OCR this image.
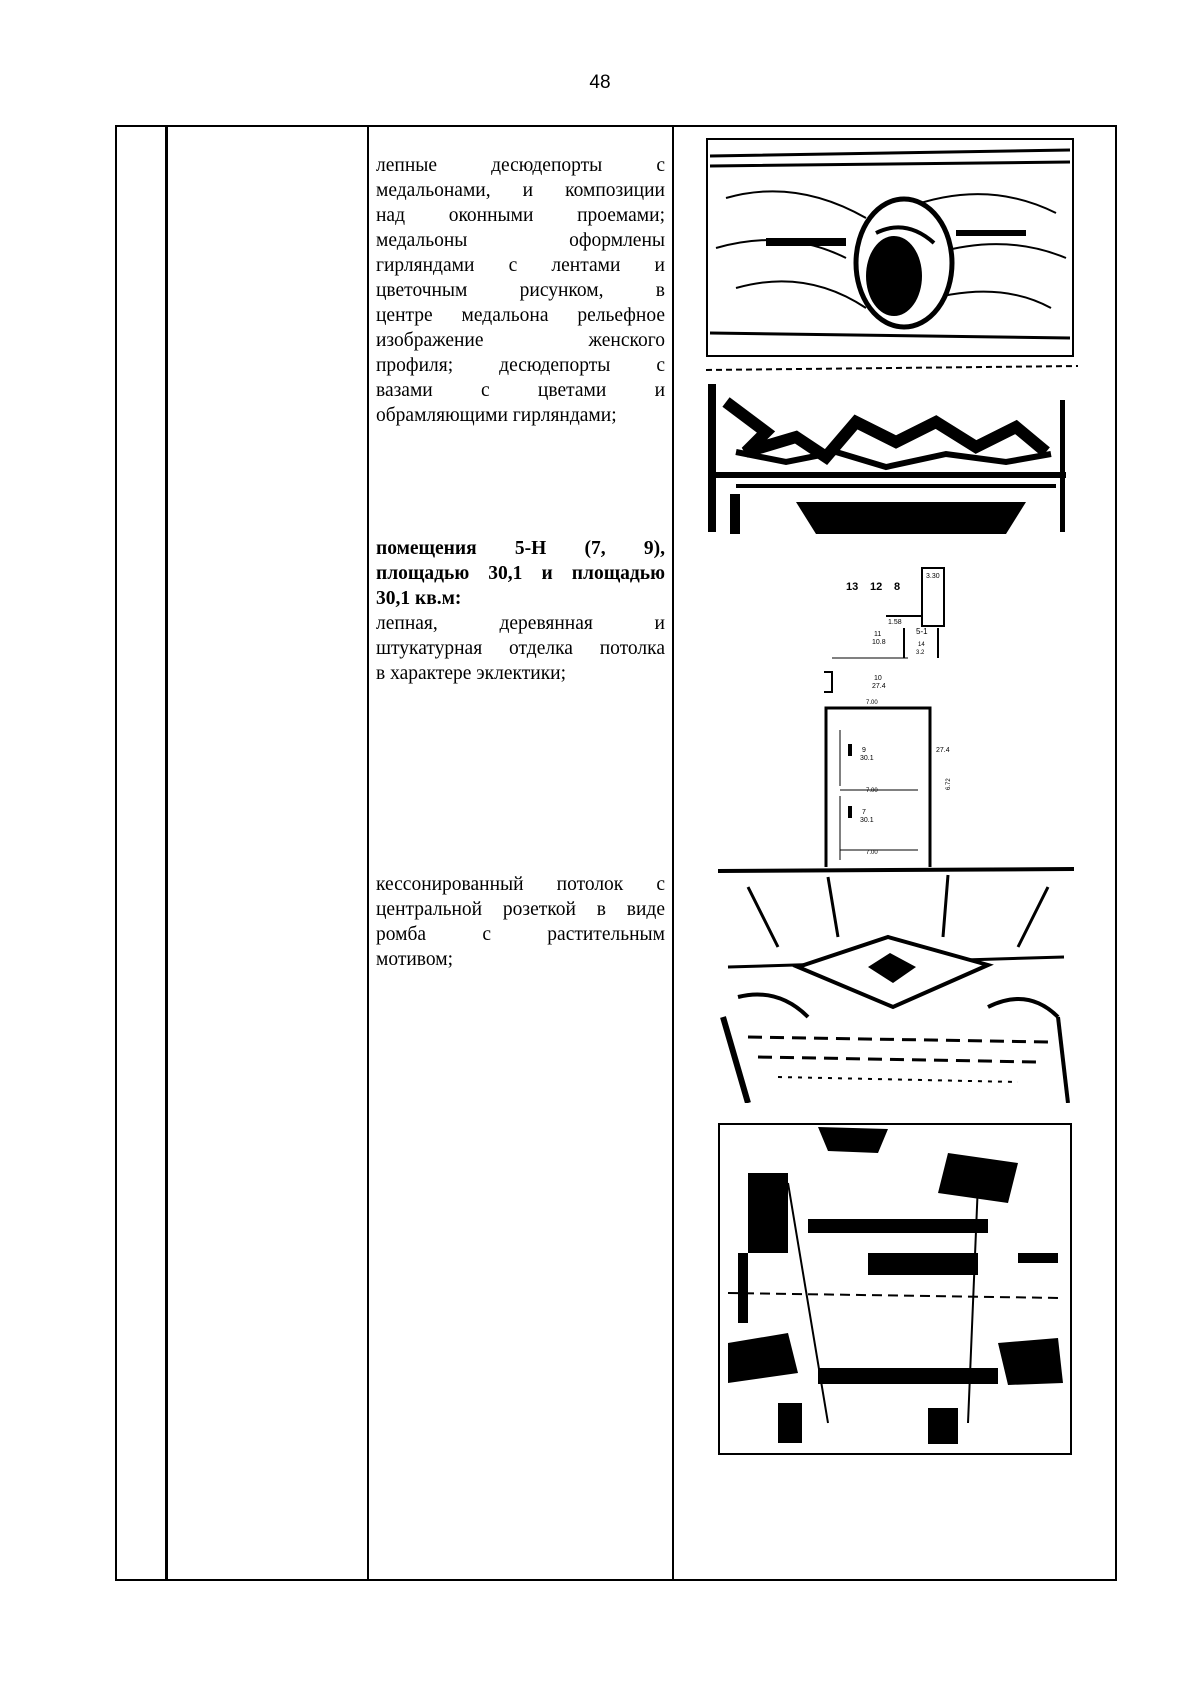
48
лепные десюдепорты с
медальонами, и композиции
над оконными проемами;
медальоны оформлены
гирляндами с лентами и
цветочным рисунком, в
центре медальона рельефное
изображение женского
профиля; десюдепорты с
вазами с цветами и
обрамляющими гирляндами;
помещения 5-Н (7, 9),
площадью 30,1 и площадью
30,1 кв.м:
лепная, деревянная и
штукатурная отделка потолка
в характере эклектики;
кессонированный потолок с
центральной розеткой в виде
ромба с растительным
мотивом;
13 12 8
3.30
1.58
11
10.8
5-1
14
3.2
10
27.4
7.00
9
30.1
27.4
6.72
7.00
7
30.1
7.00
